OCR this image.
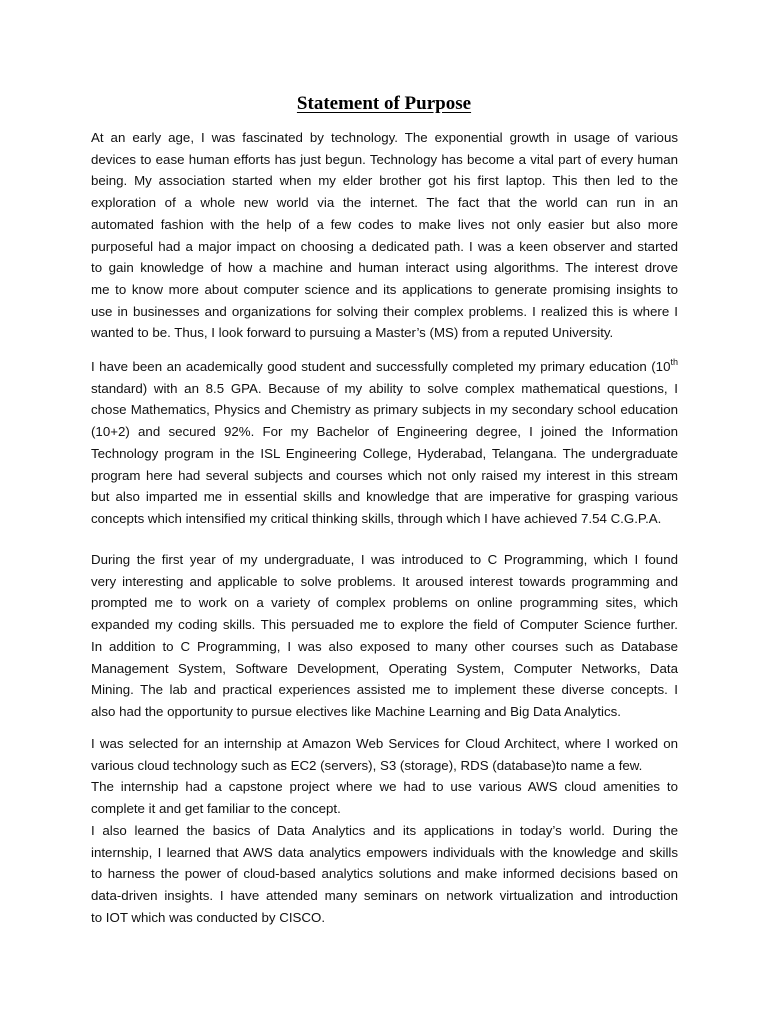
Statement of Purpose
At an early age, I was fascinated by technology. The exponential growth in usage of various
devices to ease human efforts has just begun. Technology has become a vital part of every human
being. My association started when my elder brother got his first laptop. This then led to the
exploration of a whole new world via the internet. The fact that the world can run in an
automated fashion with the help of a few codes to make lives not only easier but also more
purposeful had a major impact on choosing a dedicated path. I was a keen observer and started
to gain knowledge of how a machine and human interact using algorithms. The interest drove
me to know more about computer science and its applications to generate promising insights to
use in businesses and organizations for solving their complex problems. I realized this is where I
wanted to be. Thus, I look forward to pursuing a Master’s (MS) from a reputed University.
I have been an academically good student and successfully completed my primary education (10th
standard) with an 8.5 GPA. Because of my ability to solve complex mathematical questions, I
chose Mathematics, Physics and Chemistry as primary subjects in my secondary school education
(10+2) and secured 92%. For my Bachelor of Engineering degree, I joined the Information
Technology program in the ISL Engineering College, Hyderabad, Telangana. The undergraduate
program here had several subjects and courses which not only raised my interest in this stream
but also imparted me in essential skills and knowledge that are imperative for grasping various
concepts which intensified my critical thinking skills, through which I have achieved 7.54 C.G.P.A.
During the first year of my undergraduate, I was introduced to C Programming, which I found
very interesting and applicable to solve problems. It aroused interest towards programming and
prompted me to work on a variety of complex problems on online programming sites, which
expanded my coding skills. This persuaded me to explore the field of Computer Science further.
In addition to C Programming, I was also exposed to many other courses such as Database
Management System, Software Development, Operating System, Computer Networks, Data
Mining. The lab and practical experiences assisted me to implement these diverse concepts. I
also had the opportunity to pursue electives like Machine Learning and Big Data Analytics.
I was selected for an internship at Amazon Web Services for Cloud Architect, where I worked on
various cloud technology such as EC2 (servers), S3 (storage), RDS (database)to name a few.
The internship had a capstone project where we had to use various AWS cloud amenities to
complete it and get familiar to the concept.
I also learned the basics of Data Analytics and its applications in today’s world. During the
internship, I learned that AWS data analytics empowers individuals with the knowledge and skills
to harness the power of cloud-based analytics solutions and make informed decisions based on
data-driven insights. I have attended many seminars on network virtualization and introduction
to IOT which was conducted by CISCO.
